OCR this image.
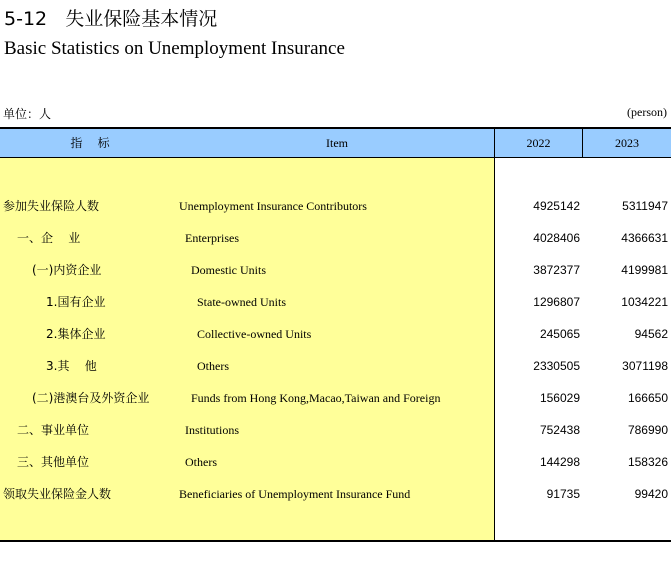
5-12   失业保险基本情况
Basic Statistics on Unemployment Insurance
单位：人	(person)
指    标	Item	2022	2023
参加失业保险人数	Unemployment Insurance Contributors	4925142	5311947
一、企    业	Enterprises	4028406	4366631
(一)内资企业	Domestic Units	3872377	4199981
1.国有企业	State-owned Units	1296807	1034221
2.集体企业	Collective-owned Units	245065	94562
3.其    他	Others	2330505	3071198
(二)港澳台及外资企业	Funds from Hong Kong,Macao,Taiwan and Foreign	156029	166650
二、事业单位	Institutions	752438	786990
三、其他单位	Others	144298	158326
领取失业保险金人数	Beneficiaries of Unemployment Insurance Fund	91735	99420
